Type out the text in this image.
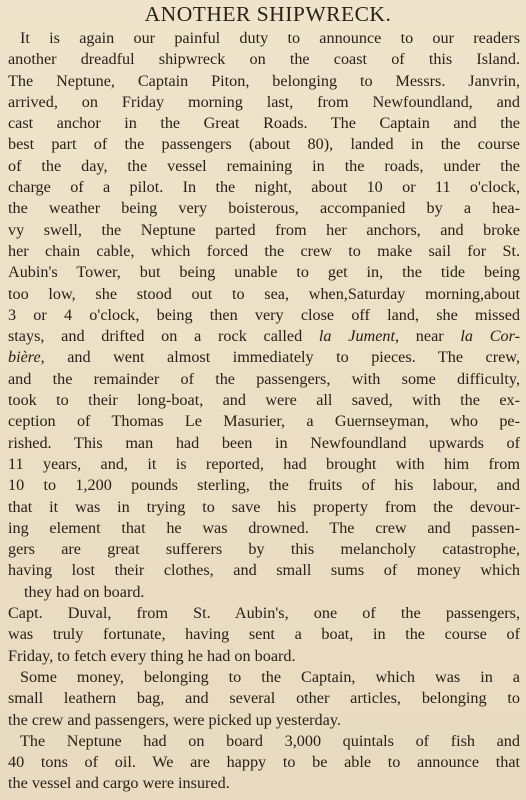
ANOTHER SHIPWRECK.
It is again our painful duty to announce to our readers
another dreadful shipwreck on the coast of this Island.
The Neptune, Captain Piton, belonging to Messrs. Janvrin,
arrived, on Friday morning last, from Newfoundland, and
cast anchor in the Great Roads. The Captain and the
best part of the passengers (about 80), landed in the course
of the day, the vessel remaining in the roads, under the
charge of a pilot. In the night, about 10 or 11 o'clock,
the weather being very boisterous, accompanied by a hea-
vy swell, the Neptune parted from her anchors, and broke
her chain cable, which forced the crew to make sail for St.
Aubin's Tower, but being unable to get in, the tide being
too low, she stood out to sea, when,Saturday morning,about
3 or 4 o'clock, being then very close off land, she missed
stays, and drifted on a rock called la Jument, near la Cor-
bière, and went almost immediately to pieces. The crew,
and the remainder of the passengers, with some difficulty,
took to their long-boat, and were all saved, with the ex-
ception of Thomas Le Masurier, a Guernseyman, who pe-
rished. This man had been in Newfoundland upwards of
11 years, and, it is reported, had brought with him from
10 to 1,200 pounds sterling, the fruits of his labour, and
that it was in trying to save his property from the devour-
ing element that he was drowned. The crew and passen-
gers are great sufferers by this melancholy catastrophe,
having lost their clothes, and small sums of money which
they had on board.
Capt. Duval, from St. Aubin's, one of the passengers,
was truly fortunate, having sent a boat, in the course of
Friday, to fetch every thing he had on board.
Some money, belonging to the Captain, which was in a
small leathern bag, and several other articles, belonging to
the crew and passengers, were picked up yesterday.
The Neptune had on board 3,000 quintals of fish and
40 tons of oil. We are happy to be able to announce that
the vessel and cargo were insured.
